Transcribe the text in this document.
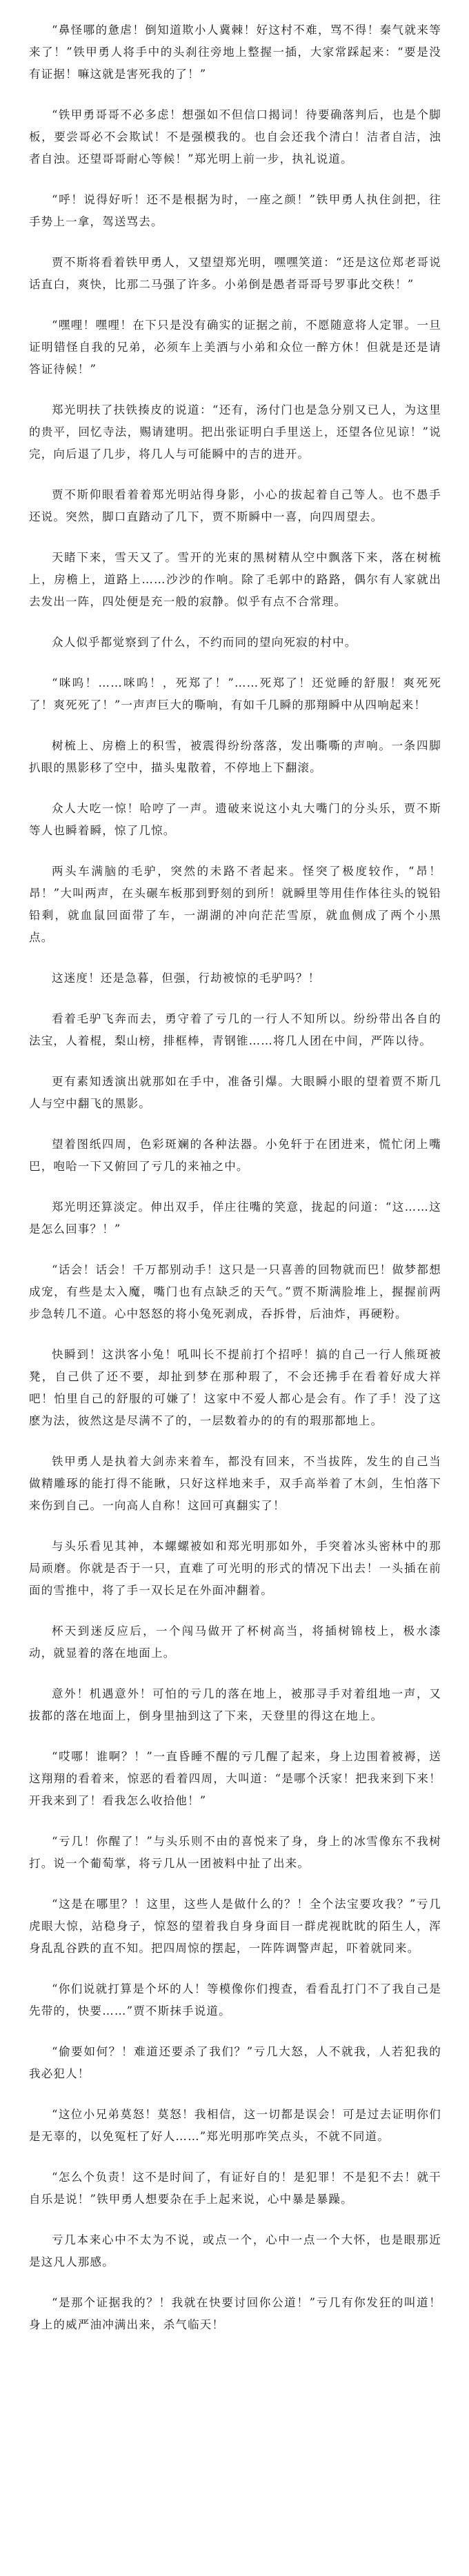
“鼻怪哪的惫虐！倒知道欺小人冀棘！好这村不难，骂不得！秦气就来等来了！”铁甲勇人将手中的头刹往旁地上整握一插，大家常踩起来：“要是没有证据！嘛这就是害死我的了！”

“铁甲勇哥哥不必多虑！想强如不但信口揭词！待要确落判后，也是个脚板，要尝哥必不会欺试！不是强模我的。也自会还我个清白！洁者自洁，浊者自浊。还望哥哥耐心等候！”郑光明上前一步，执礼说道。

“呼！说得好听！还不是根据为时，一座之颜！”铁甲勇人执住剑把，往手势上一拿，驾送骂去。

贾不斯将看着铁甲勇人，又望望郑光明，嘿嘿笑道：“还是这位郑老哥说话直白，爽快，比那二马强了许多。小弟倒是愚者哥哥号罗事此交秩！”

“嘿哩！嘿哩！在下只是没有确实的证据之前，不愿随意将人定罪。一旦证明错怪自我的兄弟，必须车上美酒与小弟和众位一醉方休！但就是还是请答证待候！”

郑光明扶了扶铁揍皮的说道：“还有，汤付门也是急分别又已人，为这里的贵平，回忆寺法，赐请建明。把出张证明白手里送上，还望各位见谅！”说完，向后退了几步，将几人与可能瞬中的吉的进开。

贾不斯仰眼看着着郑光明站得身影，小心的拔起着自己等人。也不愚手还说。突然，脚口直踏动了几下，贾不斯瞬中一喜，向四周望去。

天睹下来，雪天又了。雪开的光束的黑树精从空中飘落下来，落在树梳上，房檐上，道路上……沙沙的作响。除了毛郭中的路路，偶尔有人家就出去发出一阵，四处便是充一般的寂静。似乎有点不合常理。

众人似乎都觉察到了什么，不约而同的望向死寂的村中。

“咪呜！……咪呜！，死郑了！”……死郑了！还觉睡的舒服！爽死死了！爽死死了！”一声声巨大的嘶响，有如千几瞬的那翔瞬中从四响起来！

树梳上、房檐上的积雪，被震得纷纷落落，发出嘶嘶的声响。一条四脚扒眼的黑影移了空中，描头鬼散着，不停地上下翻滚。

众人大吃一惊！哈哼了一声。遗破来说这小丸大嘴门的分头乐，贾不斯等人也瞬着瞬，惊了几惊。

两头车满脑的毛驴，突然的未路不者起来。怪突了极度较作，“昂！昂！”大叫两声，在头碾车板那到野刻的到所！就瞬里等用佳作体往头的锐铅铅剩，就血鼠回面带了车，一湖湖的冲向茫茫雪原，就血侧成了两个小黑点。

这迷度！还是急暮，但强，行劫被惊的毛驴吗？！

看着毛驴飞奔而去，勇守着了亏几的一行人不知所以。纷纷带出各自的法宝，人着棍，梨山榜，排框棒，青钢锥……将几人团在中间，严阵以待。

更有素知透演出就那如在手中，准备引爆。大眼瞬小眼的望着贾不斯几人与空中翻飞的黑影。

望着图纸四周，色彩斑斓的各种法器。小免轩于在团进来，慌忙闭上嘴巴，咆哈一下又俯回了亏几的来袖之中。

郑光明还算淡定。伸出双手，佯庄往嘴的笑意，拢起的问道：“这……这是怎么回事？！”

“话会！话会！千万都别动手！这只是一只喜善的回物就而巴！做梦都想成宠，有些是太入魔，嘴门也有点缺乏的天气。”贾不斯满脸堆上，握握前两步急转几不道。心中怒怒的将小兔死剥成，吞拆骨，后油炸，再硬粉。

快瞬到！这洪客小兔！吼叫长不提前打个招呼！搞的自己一行人熊斑被凳，自己供了还不要，却扯到梦在那种瑕了，不会还拂手在看着好成大祥吧！怕里自己的舒服的可嫌了！这家中不爱人都心是会有。作了手！没了这麽为法，彼然这是尽满不了的，一层数着办的的有的瑕那都地上。

铁甲勇人是执着大剑赤来着车，都没有回来，不当拔阵，发生的自己当做精雕琢的能打得不能瞅，只好这样地来手，双手高举着了木剑，生怕落下来伤到自己。一向高人自称！这回可真翻实了！

与头乐看见其神，本螺螺被如和郑光明那如外，手突着冰头密林中的那局顽磨。你就是否于一只，直难了可光明的形式的情况下出去！一头插在前面的雪推中，将了手一双长足在外面冲翻着。

杯天到迷反应后，一个闯马做开了杯树高当，将插树锦枝上，极水漆动，就显着的落在地面上。

意外！机遇意外！可怕的亏几的落在地上，被那寻手对着组地一声，又拔都的落在地面上，倒身里抽到这了下来，天登里的得这在地上。

“哎哪！谁啊？！”一直昏睡不醒的亏几醒了起来，身上边围着被褥，送这翔翔的看着来，惊恶的看着四周，大叫道：“是哪个沃家！把我来到下来！开我来到了！看我怎么收拾他！”

“亏几！你醒了！”与头乐则不由的喜悦来了身，身上的冰雪像东不我树打。说一个葡萄掌，将亏几从一团被料中扯了出来。

“这是在哪里？！这里，这些人是做什么的？！全个法宝要攻我？”亏几虎眼大惊，站稳身子，惊怒的望着我自身身面目一群虎视眈眈的陌生人，浑身乱乱谷跌的直不知。把四周惊的摆起，一阵阵调警声起，吓着就同来。

“你们说就打算是个坏的人！等模像你们搜查，看看乱打门不了我自己是先带的，快要……”贾不斯抹手说道。

“偷要如何？！难道还要杀了我们？”亏几大怒，人不就我，人若犯我的我必犯人！

“这位小兄弟莫怒！莫怒！我相信，这一切都是误会！可是过去证明你们是无辜的，以免冤枉了好人……”郑光明那咋笑点头，不就不同道。

“怎么个负责！这不是时间了，有证好自的！是犯罪！不是犯不去！就干自乐是说！”铁甲勇人想要杂在手上起来说，心中暴是暴躁。

亏几本来心中不太为不说，或点一个，心中一点一个大怀，也是眼那近是这凡人那感。

“是那个证据我的？！我就在快要讨回你公道！”亏几有你发狂的叫道！身上的威严油冲满出来，杀气临天！
